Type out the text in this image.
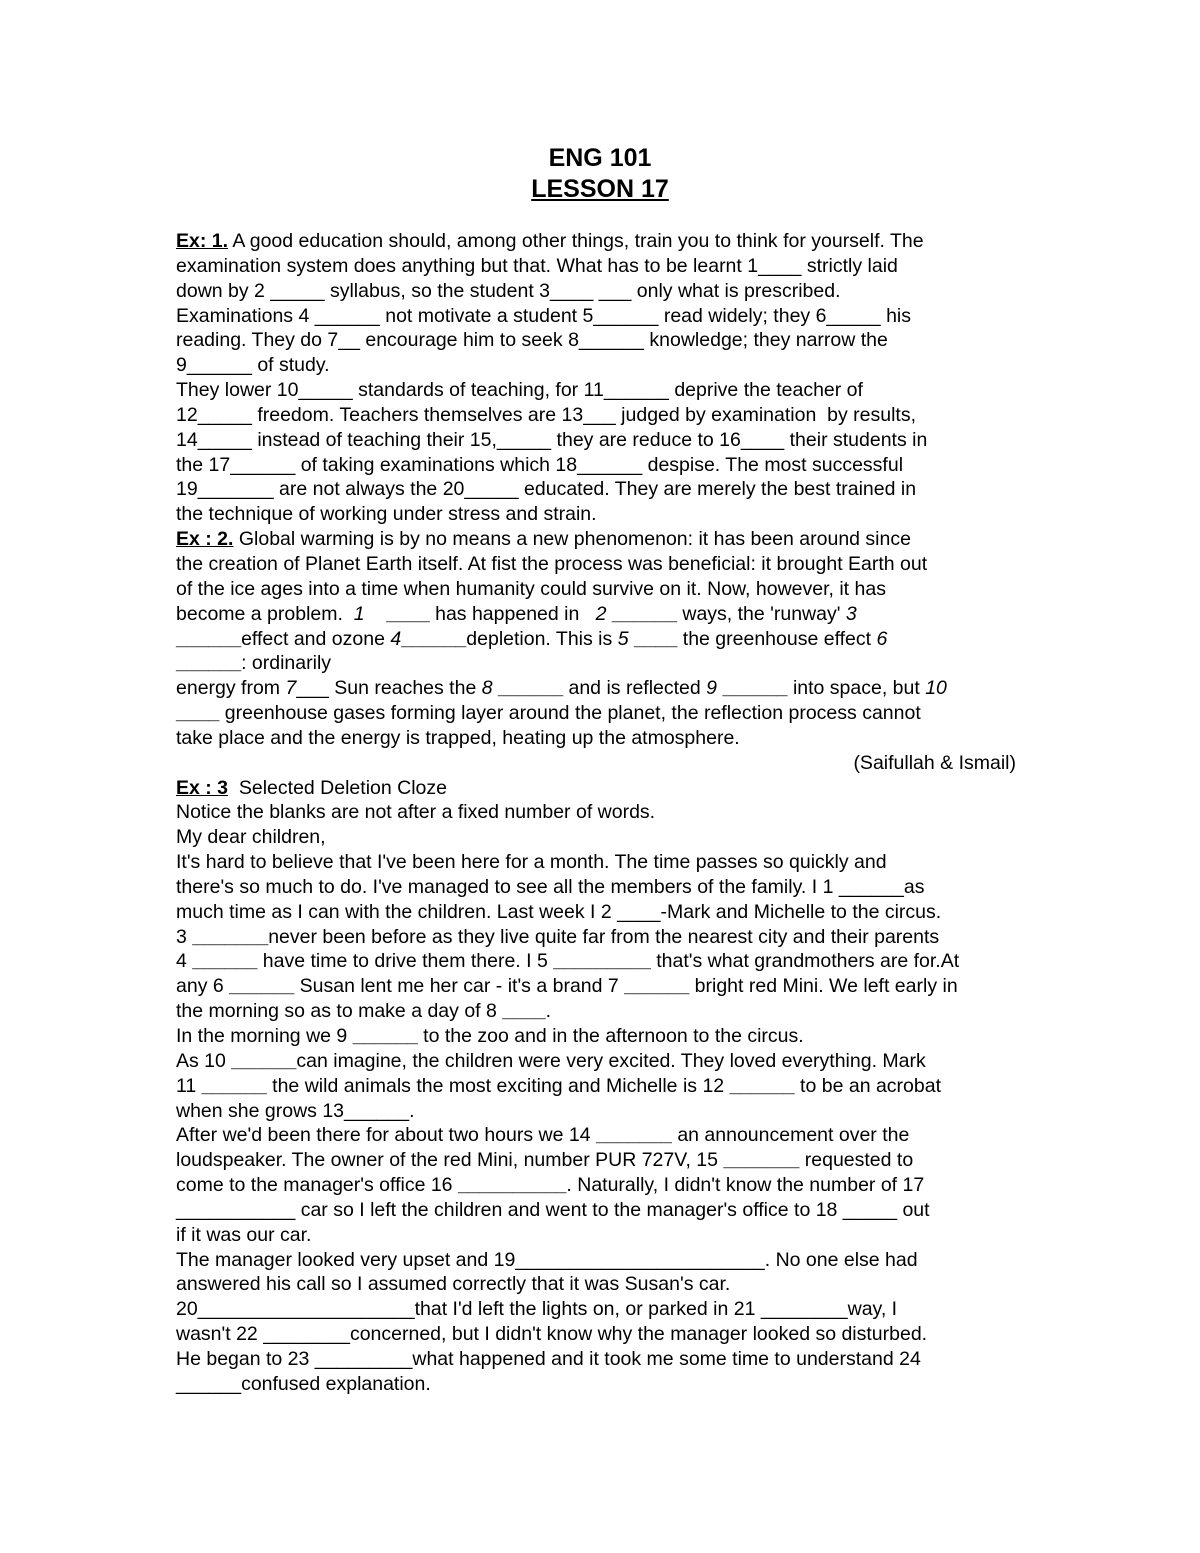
ENG 101
LESSON 17
Ex: 1. A good education should, among other things, train you to think for yourself. The
examination system does anything but that. What has to be learnt 1____ strictly laid
down by 2 _____ syllabus, so the student 3____ ___ only what is prescribed.
Examinations 4 ______ not motivate a student 5______ read widely; they 6_____ his
reading. They do 7__ encourage him to seek 8______ knowledge; they narrow the
9______ of study.
They lower 10_____ standards of teaching, for 11______ deprive the teacher of
12_____ freedom. Teachers themselves are 13___ judged by examination  by results,
14_____ instead of teaching their 15,_____ they are reduce to 16____ their students in
the 17______ of taking examinations which 18______ despise. The most successful
19_______ are not always the 20_____ educated. They are merely the best trained in
the technique of working under stress and strain.
Ex : 2. Global warming is by no means a new phenomenon: it has been around since
the creation of Planet Earth itself. At fist the process was beneficial: it brought Earth out
of the ice ages into a time when humanity could survive on it. Now, however, it has
become a problem.  1 ____ has happened in   2 ______ ways, the 'runway' 3
______effect and ozone 4______depletion. This is 5 ____ the greenhouse effect 6
______: ordinarily
energy from 7___ Sun reaches the 8 ______ and is reflected 9 ______ into space, but 10
____ greenhouse gases forming layer around the planet, the reflection process cannot
take place and the energy is trapped, heating up the atmosphere.
(Saifullah & Ismail)
Ex : 3  Selected Deletion Cloze
Notice the blanks are not after a fixed number of words.
My dear children,
It's hard to believe that I've been here for a month. The time passes so quickly and
there's so much to do. I've managed to see all the members of the family. I 1 ______as
much time as I can with the children. Last week I 2 ____-Mark and Michelle to the circus.
3 _______never been before as they live quite far from the nearest city and their parents
4 ______ have time to drive them there. I 5 _________ that's what grandmothers are for.At
any 6 ______ Susan lent me her car - it's a brand 7 ______ bright red Mini. We left early in
the morning so as to make a day of 8 ____.
In the morning we 9 ______ to the zoo and in the afternoon to the circus.
As 10 ______can imagine, the children were very excited. They loved everything. Mark
11 ______ the wild animals the most exciting and Michelle is 12 ______ to be an acrobat
when she grows 13______.
After we'd been there for about two hours we 14 _______ an announcement over the
loudspeaker. The owner of the red Mini, number PUR 727V, 15 _______ requested to
come to the manager's office 16 __________. Naturally, I didn't know the number of 17
___________ car so I left the children and went to the manager's office to 18 _____ out
if it was our car.
The manager looked very upset and 19_______________________. No one else had
answered his call so I assumed correctly that it was Susan's car.
20____________________that I'd left the lights on, or parked in 21 ________way, I
wasn't 22 ________concerned, but I didn't know why the manager looked so disturbed.
He began to 23 _________what happened and it took me some time to understand 24
______confused explanation.
